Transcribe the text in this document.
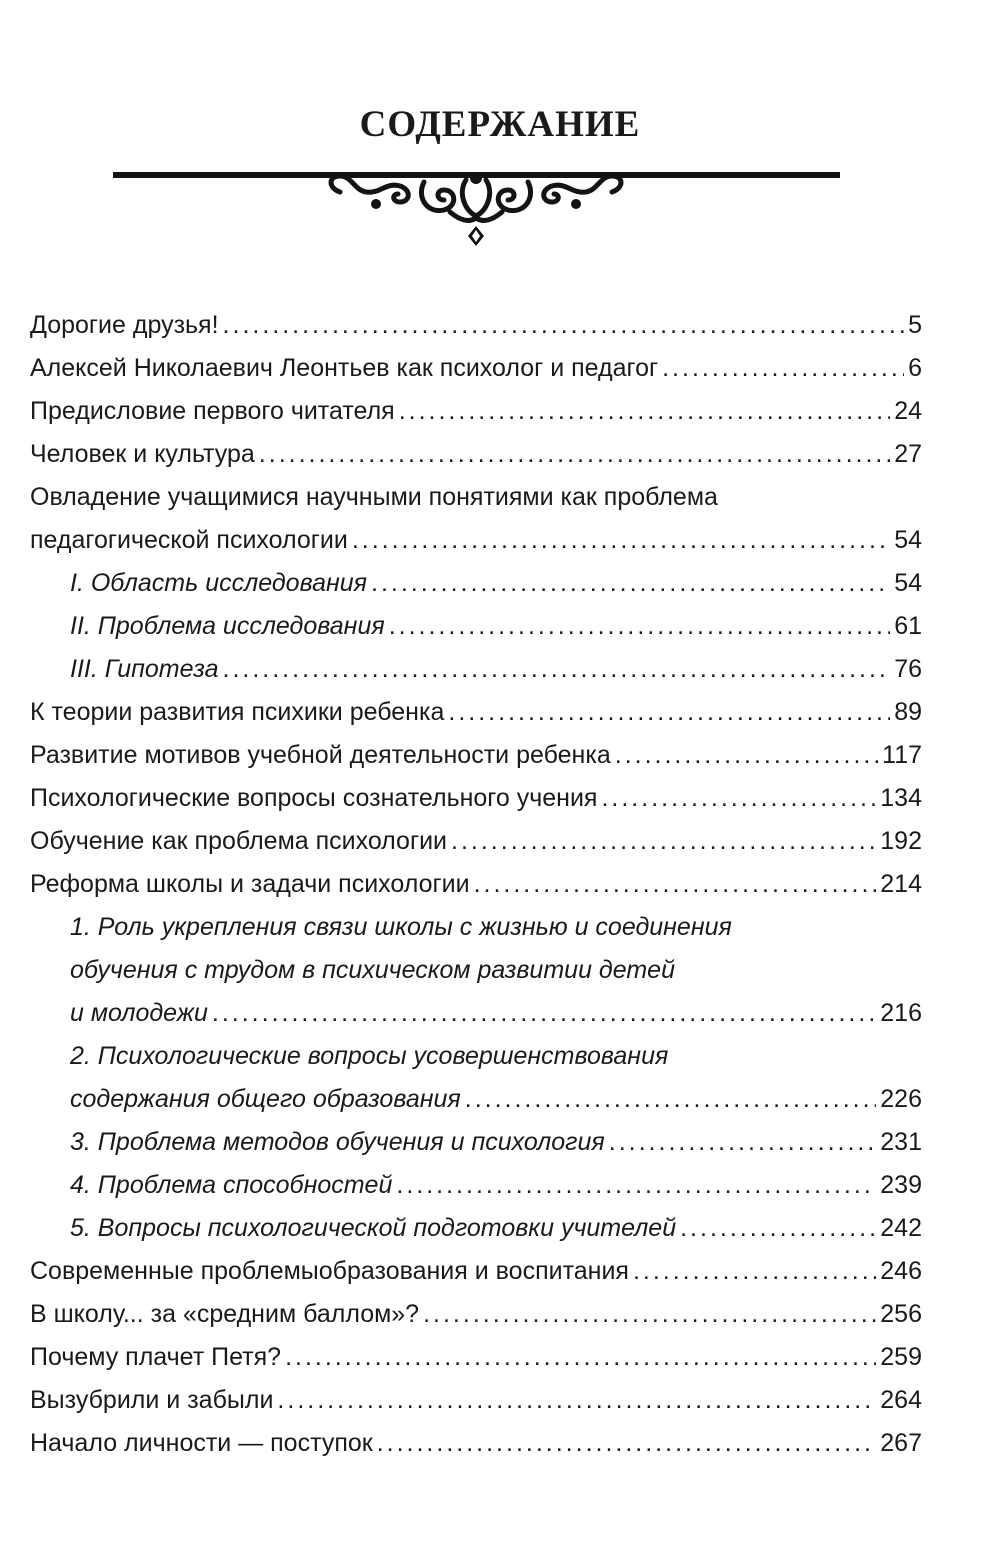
СОДЕРЖАНИЕ
Дорогие друзья! .....	5
Алексей Николаевич Леонтьев как психолог и педагог .....	6
Предисловие первого читателя .....	24
Человек и культура .....	27
Овладение учащимися научными понятиями как проблема
педагогической психологии .....	54
I. Область исследования .....	54
II. Проблема исследования .....	61
III. Гипотеза .....	76
К теории развития психики ребенка .....	89
Развитие мотивов учебной деятельности ребенка .....	117
Психологические вопросы сознательного учения .....	134
Обучение как проблема психологии .....	192
Реформа школы и задачи психологии .....	214
1. Роль укрепления связи школы с жизнью и соединения
обучения с трудом в психическом развитии детей
и молодежи .....	216
2. Психологические вопросы усовершенствования
содержания общего образования .....	226
3. Проблема методов обучения и психология .....	231
4. Проблема способностей .....	239
5. Вопросы психологической подготовки учителей .....	242
Современные проблемыобразования и воспитания .....	246
В школу... за «средним баллом»? .....	256
Почему плачет Петя? .....	259
Вызубрили и забыли .....	264
Начало личности — поступок .....	267
